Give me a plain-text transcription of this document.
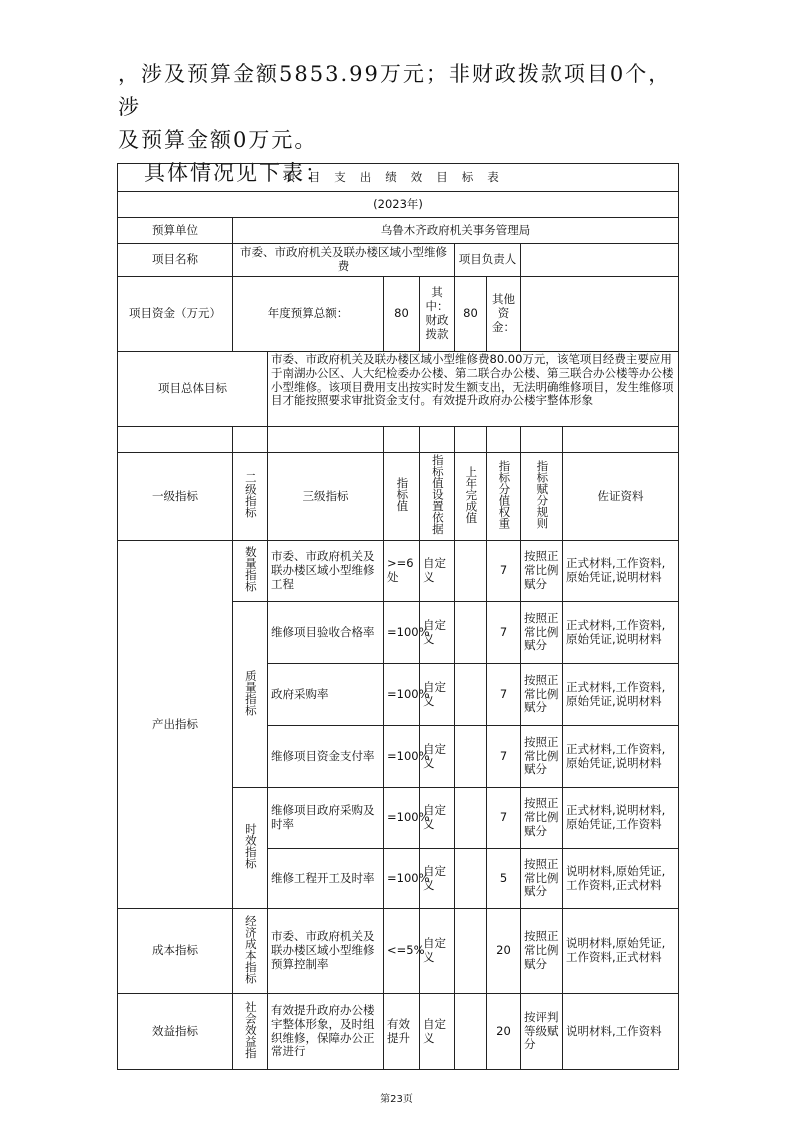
，涉及预算金额5853.99万元；非财政拨款项目0个，涉

及预算金额0万元。

具体情况见下表：

项目支出绩效目标表								
(2023年)								
预算单位	乌鲁木齐政府机关事务管理局							
项目名称	市委、市政府机关及联办楼区域小型维修费				项目负责人			
项目资金（万元）	年度预算总额：		80	其中：财政拨款	80	其他资金：		
项目总体目标		市委、市政府机关及联办楼区域小型维修费80.00万元，该笔项目经费主要应用于南湖办公区、人大纪检委办公楼、第二联合办公楼、第三联合办公楼等办公楼小型维修。该项目费用支出按实时发生额支出，无法明确维修项目，发生维修项目才能按照要求审批资金支付。有效提升政府办公楼宇整体形象						

一级指标	二级指标	三级指标	指标值	指标值设置依据	上年完成值	指标分值权重	指标赋分规则	佐证资料
产出指标	数量指标	市委、市政府机关及联办楼区域小型维修工程	>=6处	自定义		7	按照正常比例赋分	正式材料,工作资料,原始凭证,说明材料
	质量指标	维修项目验收合格率	=100%	自定义		7	按照正常比例赋分	正式材料,工作资料,原始凭证,说明材料
		政府采购率	=100%	自定义		7	按照正常比例赋分	正式材料,工作资料,原始凭证,说明材料
		维修项目资金支付率	=100%	自定义		7	按照正常比例赋分	正式材料,工作资料,原始凭证,说明材料
	时效指标	维修项目政府采购及时率	=100%	自定义		7	按照正常比例赋分	正式材料,说明材料,原始凭证,工作资料
		维修工程开工及时率	=100%	自定义		5	按照正常比例赋分	说明材料,原始凭证,工作资料,正式材料
成本指标	经济成本指标	市委、市政府机关及联办楼区域小型维修预算控制率	<=5%	自定义		20	按照正常比例赋分	说明材料,原始凭证,工作资料,正式材料
效益指标	社会效益指	有效提升政府办公楼宇整体形象，及时组织维修，保障办公正常进行	有效提升	自定义		20	按评判等级赋分	说明材料,工作资料
第23页
